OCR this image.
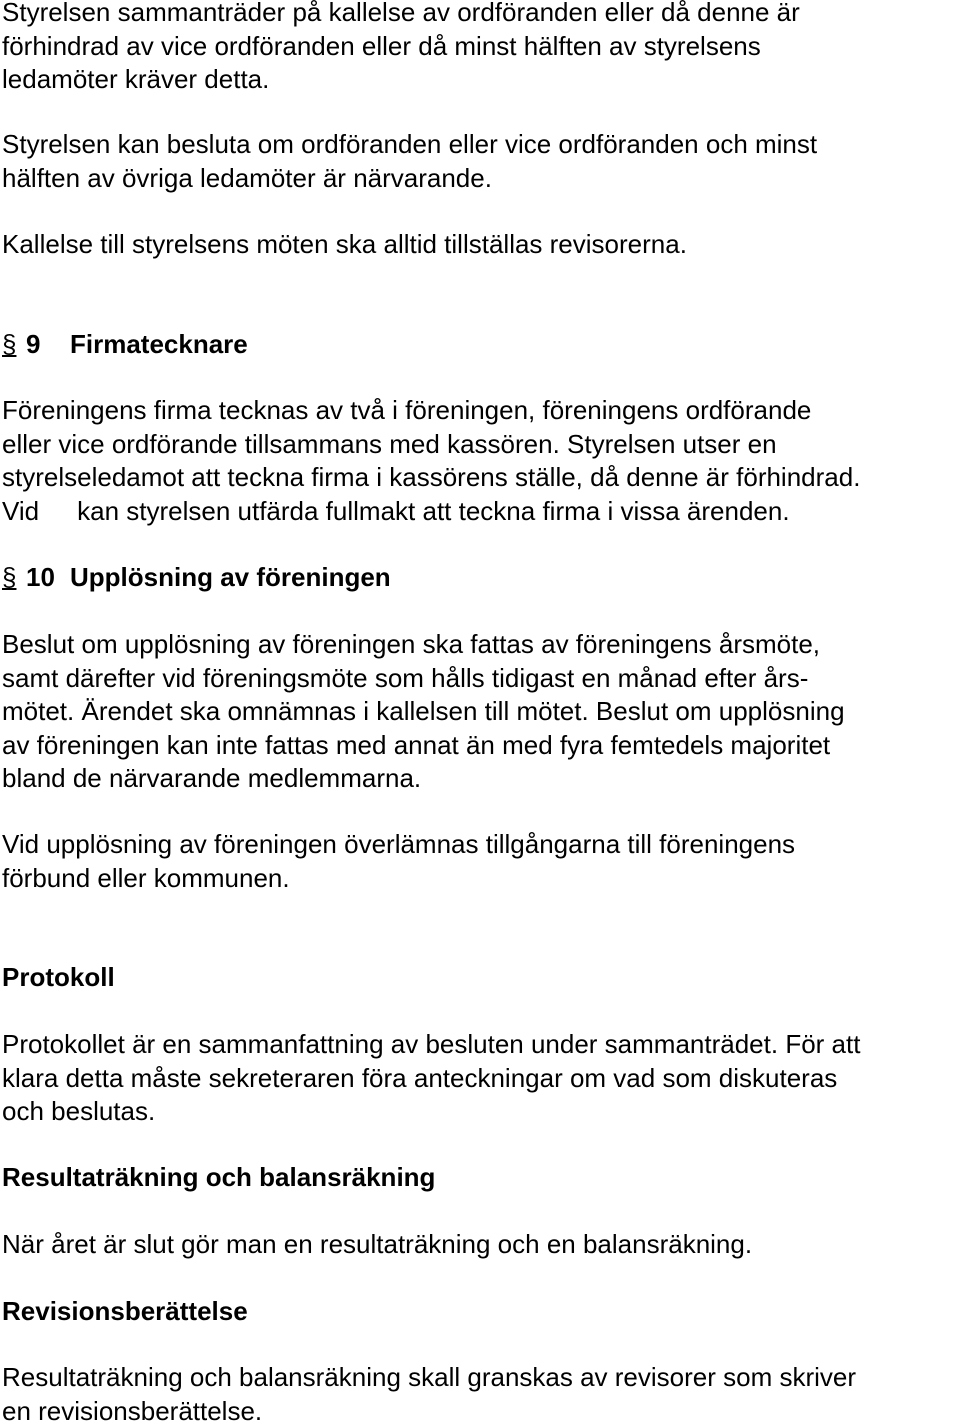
Styrelsen sammanträder på kallelse av ordföranden eller då denne är
förhindrad av vice ordföranden eller då minst hälften av styrelsens
ledamöter kräver detta.

Styrelsen kan besluta om ordföranden eller vice ordföranden och minst
hälften av övriga ledamöter är närvarande.

Kallelse till styrelsens möten ska alltid tillställas revisorerna.

§ 9 Firmatecknare

Föreningens firma tecknas av två i föreningen, föreningens ordförande
eller vice ordförande tillsammans med kassören. Styrelsen utser en
styrelseledamot att teckna firma i kassörens ställe, då denne är förhindrad.
Vid kan styrelsen utfärda fullmakt att teckna firma i vissa ärenden.

§ 10 Upplösning av föreningen

Beslut om upplösning av föreningen ska fattas av föreningens årsmöte,
samt därefter vid föreningsmöte som hålls tidigast en månad efter års-
mötet. Ärendet ska omnämnas i kallelsen till mötet. Beslut om upplösning
av föreningen kan inte fattas med annat än med fyra femtedels majoritet
bland de närvarande medlemmarna.

Vid upplösning av föreningen överlämnas tillgångarna till föreningens
förbund eller kommunen.

Protokoll

Protokollet är en sammanfattning av besluten under sammanträdet. För att
klara detta måste sekreteraren föra anteckningar om vad som diskuteras
och beslutas.

Resultaträkning och balansräkning

När året är slut gör man en resultaträkning och en balansräkning.

Revisionsberättelse

Resultaträkning och balansräkning skall granskas av revisorer som skriver
en revisionsberättelse.
